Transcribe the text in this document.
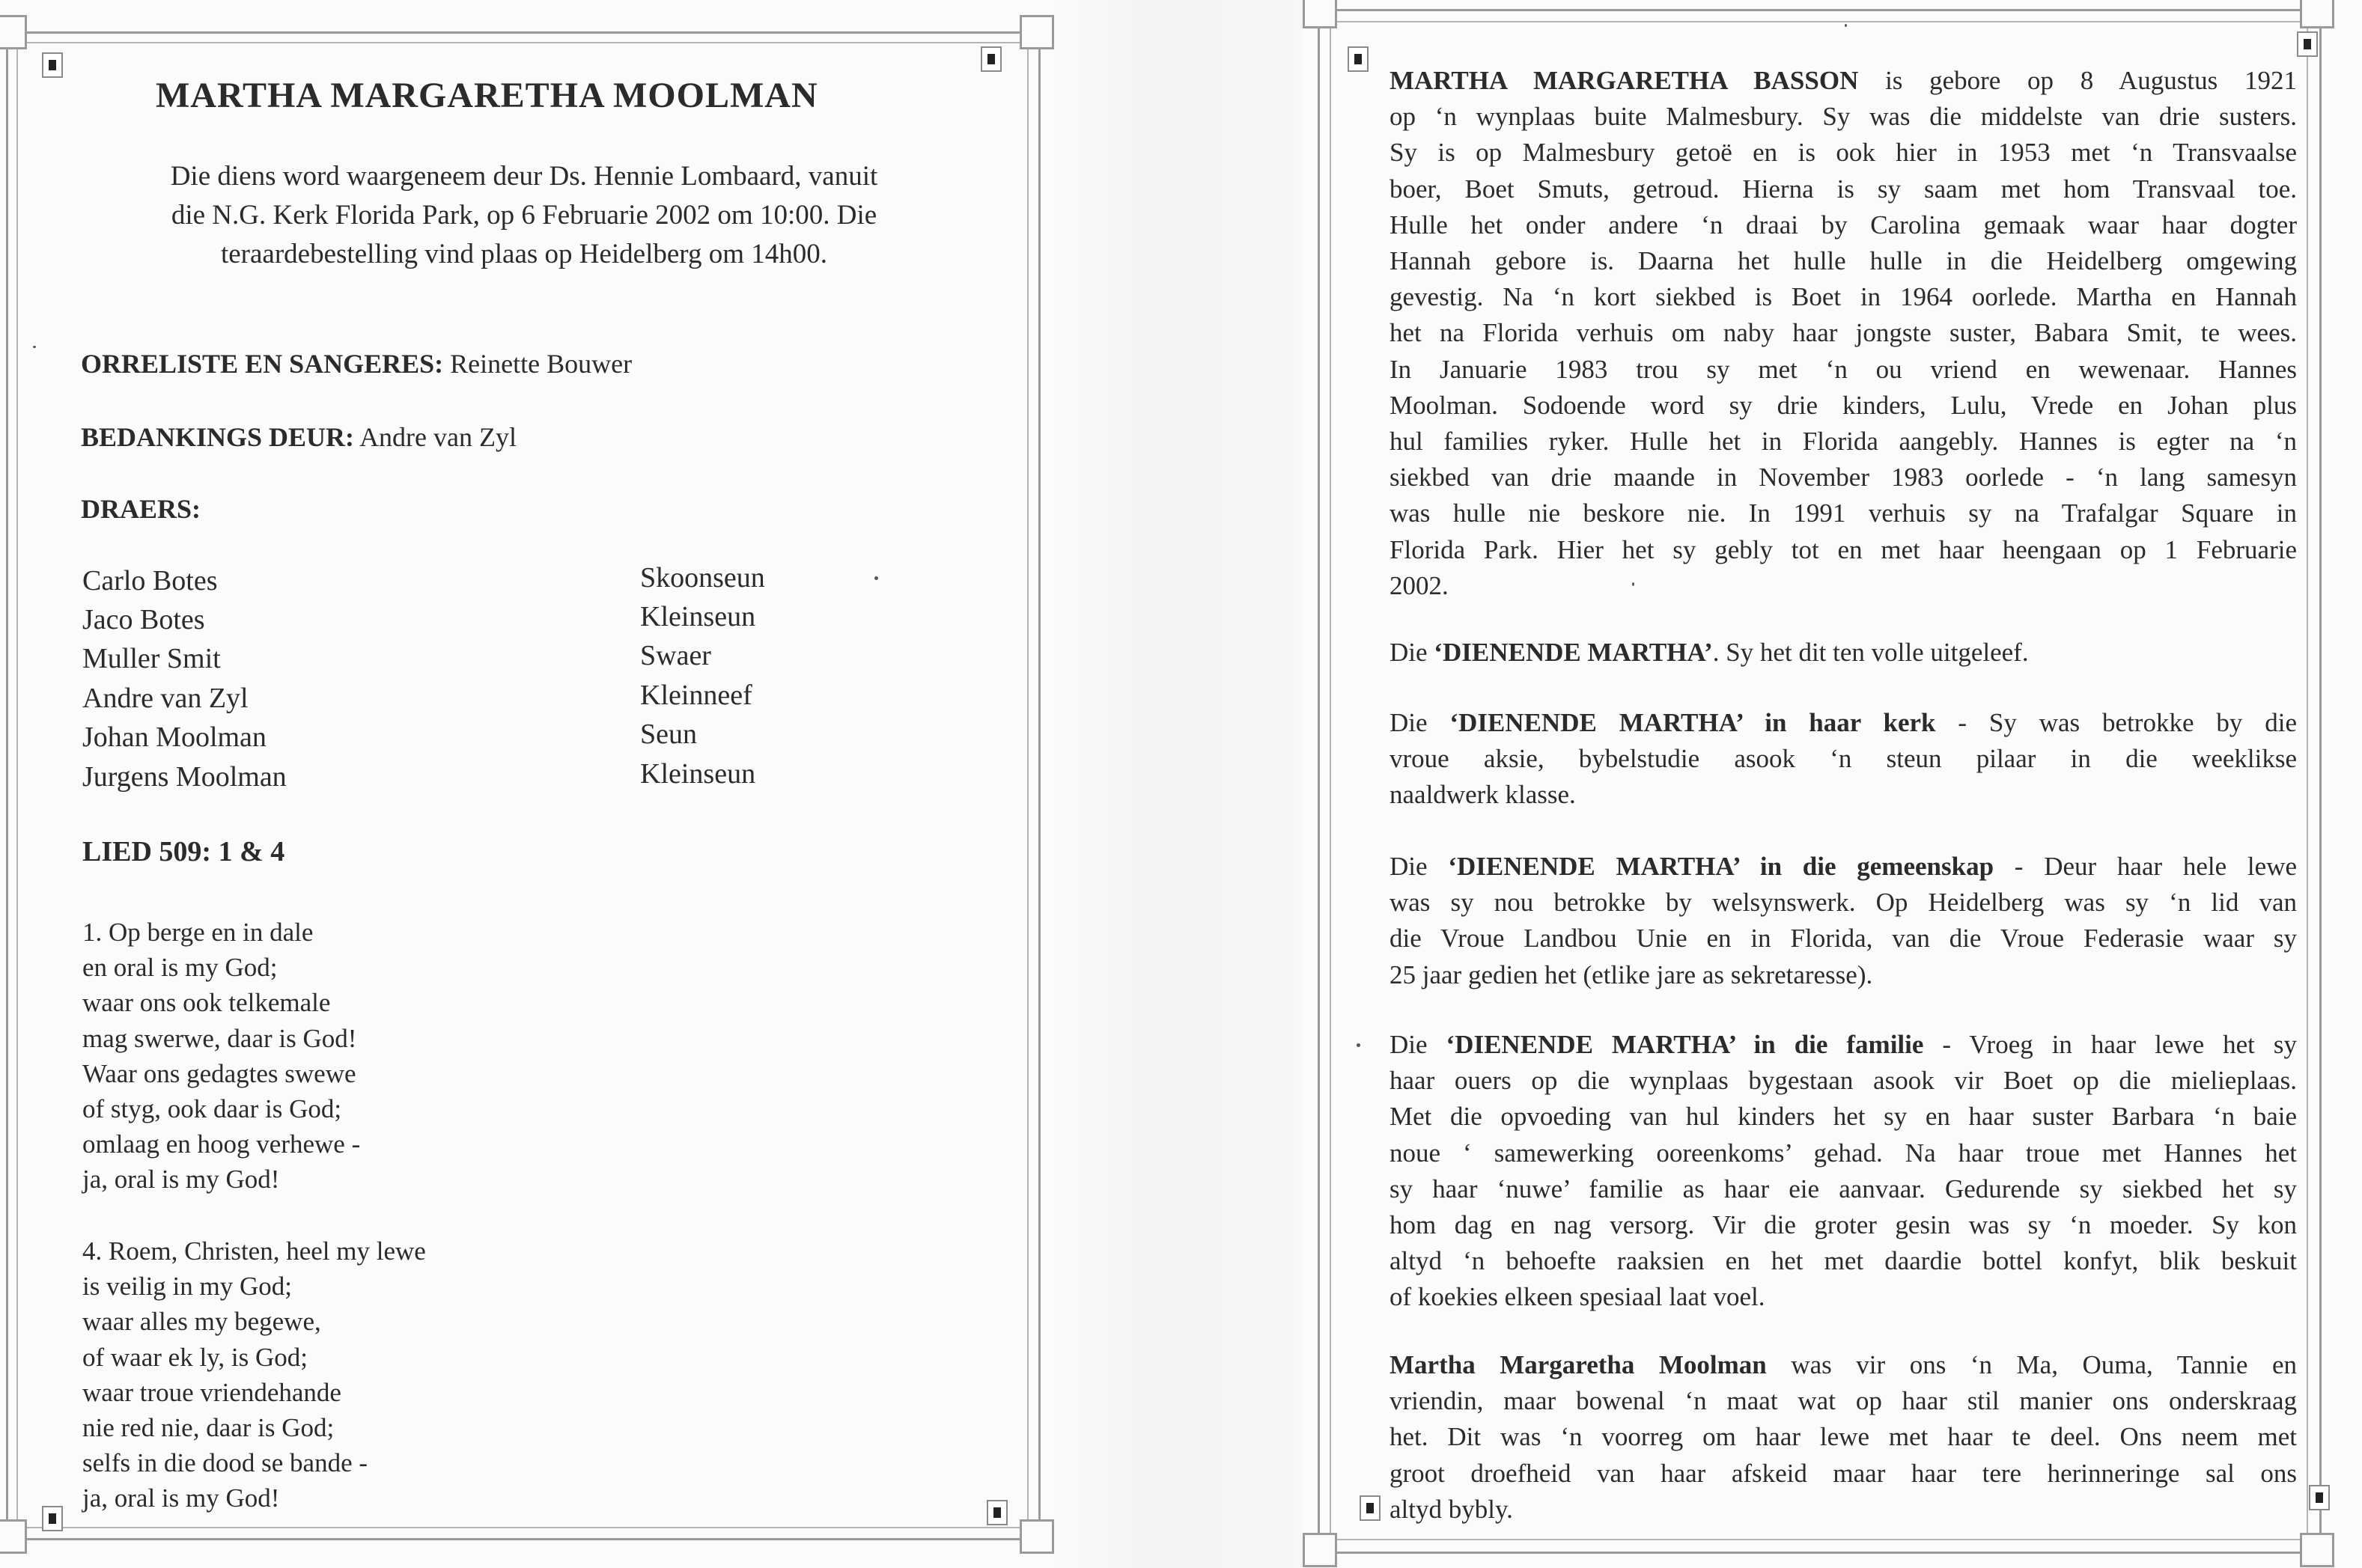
MARTHA MARGARETHA MOOLMAN
Die diens word waargeneem deur Ds. Hennie Lombaard, vanuit
die N.G. Kerk Florida Park, op 6 Februarie 2002 om 10:00. Die
teraardebestelling vind plaas op Heidelberg om 14h00.
ORRELISTE EN SANGERES: Reinette Bouwer
BEDANKINGS DEUR: Andre van Zyl
DRAERS:
Carlo Botes	Skoonseun
Jaco Botes	Kleinseun
Muller Smit	Swaer
Andre van Zyl	Kleinneef
Johan Moolman	Seun
Jurgens Moolman	Kleinseun
LIED 509: 1 & 4
1. Op berge en in dale
en oral is my God;
waar ons ook telkemale
mag swerwe, daar is God!
Waar ons gedagtes swewe
of styg, ook daar is God;
omlaag en hoog verhewe -
ja, oral is my God!
4. Roem, Christen, heel my lewe
is veilig in my God;
waar alles my begewe,
of waar ek ly, is God;
waar troue vriendehande
nie red nie, daar is God;
selfs in die dood se bande -
ja, oral is my God!
MARTHA MARGARETHA BASSON is gebore op 8 Augustus 1921
op ‘n wynplaas buite Malmesbury. Sy was die middelste van drie susters.
Sy is op Malmesbury getoë en is ook hier in 1953 met ‘n Transvaalse
boer, Boet Smuts, getroud. Hierna is sy saam met hom Transvaal toe.
Hulle het onder andere ‘n draai by Carolina gemaak waar haar dogter
Hannah gebore is. Daarna het hulle hulle in die Heidelberg omgewing
gevestig. Na ‘n kort siekbed is Boet in 1964 oorlede. Martha en Hannah
het na Florida verhuis om naby haar jongste suster, Babara Smit, te wees.
In Januarie 1983 trou sy met ‘n ou vriend en wewenaar. Hannes
Moolman. Sodoende word sy drie kinders, Lulu, Vrede en Johan plus
hul families ryker. Hulle het in Florida aangebly. Hannes is egter na ‘n
siekbed van drie maande in November 1983 oorlede - ‘n lang samesyn
was hulle nie beskore nie. In 1991 verhuis sy na Trafalgar Square in
Florida Park. Hier het sy gebly tot en met haar heengaan op 1 Februarie
2002.
Die ‘DIENENDE MARTHA’. Sy het dit ten volle uitgeleef.
Die ‘DIENENDE MARTHA’ in haar kerk - Sy was betrokke by die
vroue aksie, bybelstudie asook ‘n steun pilaar in die weeklikse
naaldwerk klasse.
Die ‘DIENENDE MARTHA’ in die gemeenskap - Deur haar hele lewe
was sy nou betrokke by welsynswerk. Op Heidelberg was sy ‘n lid van
die Vroue Landbou Unie en in Florida, van die Vroue Federasie waar sy
25 jaar gedien het (etlike jare as sekretaresse).
Die ‘DIENENDE MARTHA’ in die familie - Vroeg in haar lewe het sy
haar ouers op die wynplaas bygestaan asook vir Boet op die mielieplaas.
Met die opvoeding van hul kinders het sy en haar suster Barbara ‘n baie
noue ‘ samewerking ooreenkoms’ gehad. Na haar troue met Hannes het
sy haar ‘nuwe’ familie as haar eie aanvaar. Gedurende sy siekbed het sy
hom dag en nag versorg. Vir die groter gesin was sy ‘n moeder. Sy kon
altyd ‘n behoefte raaksien en het met daardie bottel konfyt, blik beskuit
of koekies elkeen spesiaal laat voel.
Martha Margaretha Moolman was vir ons ‘n Ma, Ouma, Tannie en
vriendin, maar bowenal ‘n maat wat op haar stil manier ons onderskraag
het. Dit was ‘n voorreg om haar lewe met haar te deel. Ons neem met
groot droefheid van haar afskeid maar haar tere herinneringe sal ons
altyd bybly.
